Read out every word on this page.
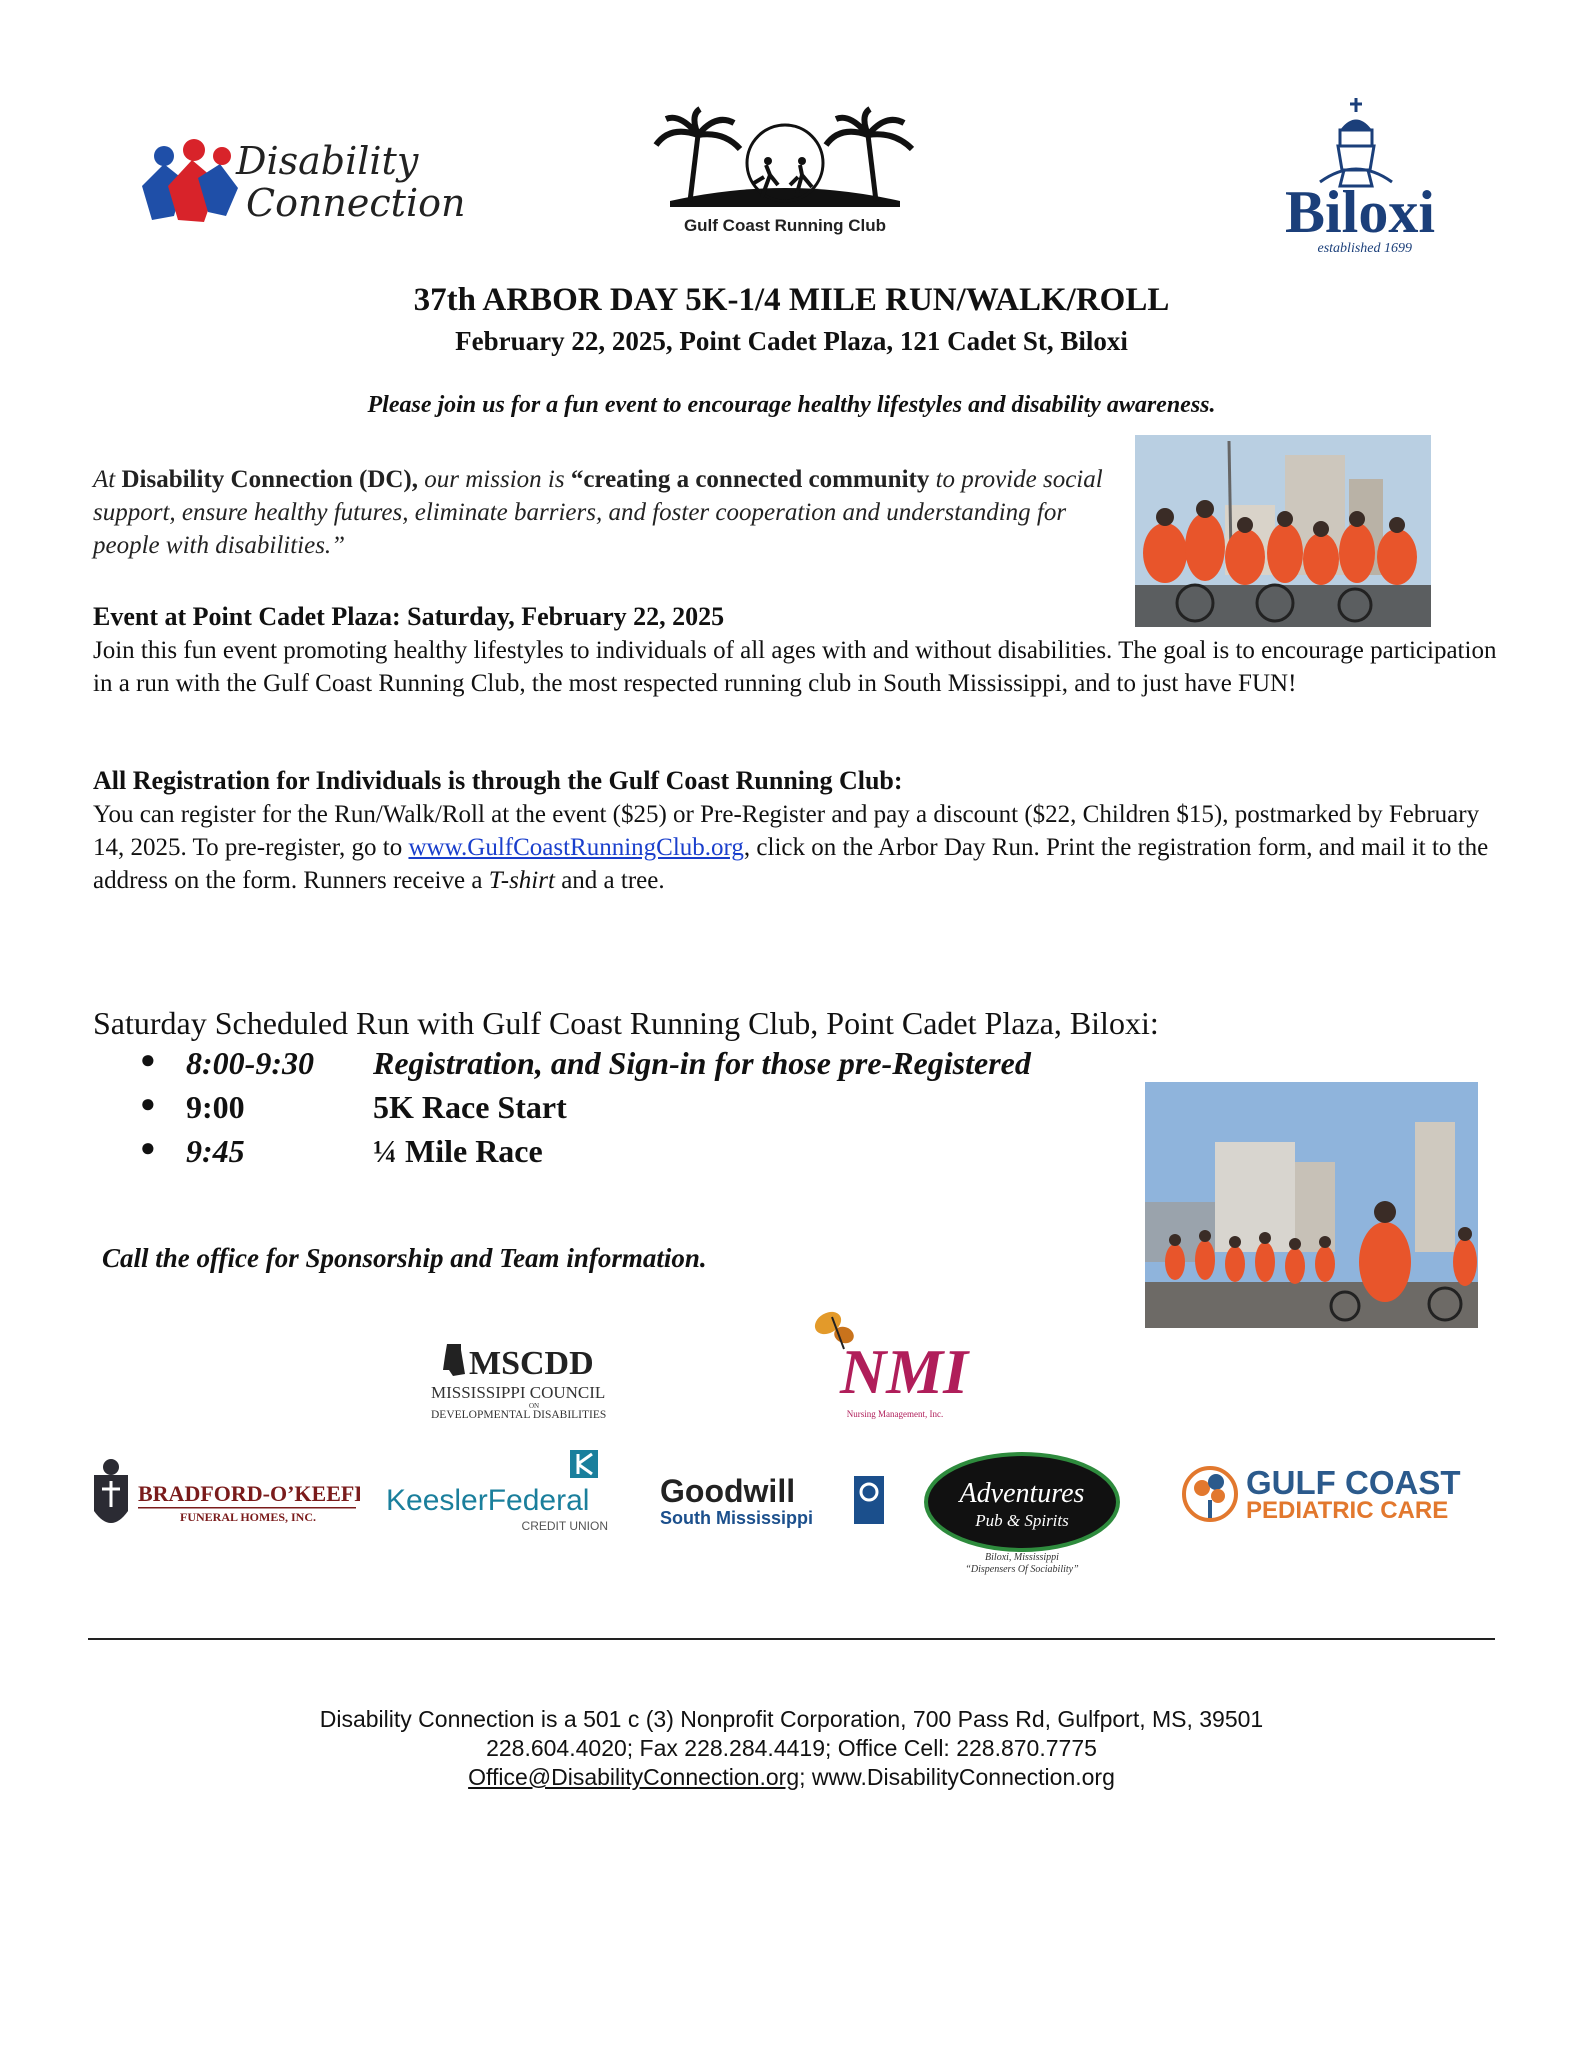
Disability
Connection
Gulf Coast Running Club	Biloxi
established 1699
37th ARBOR DAY 5K-1/4 MILE RUN/WALK/ROLL
February 22, 2025, Point Cadet Plaza, 121 Cadet St, Biloxi
Please join us for a fun event to encourage healthy lifestyles and disability awareness.
At Disability Connection (DC), our mission is “creating a connected community to provide social support, ensure healthy futures, eliminate barriers, and foster cooperation and understanding for people with disabilities.”
Event at Point Cadet Plaza: Saturday, February 22, 2025
Join this fun event promoting healthy lifestyles to individuals of all ages with and without disabilities. The goal is to encourage participation in a run with the Gulf Coast Running Club, the most respected running club in South Mississippi, and to just have FUN!
All Registration for Individuals is through the Gulf Coast Running Club:
You can register for the Run/Walk/Roll at the event ($25) or Pre-Register and pay a discount ($22, Children $15), postmarked by February 14, 2025. To pre-register, go to www.GulfCoastRunningClub.org, click on the Arbor Day Run. Print the registration form, and mail it to the address on the form. Runners receive a T-shirt and a tree.
Saturday Scheduled Run with Gulf Coast Running Club, Point Cadet Plaza, Biloxi:
● 8:00-9:30 Registration, and Sign-in for those pre-Registered
● 9:00	5K Race Start
● 9:45	¼ Mile Race
Call the office for Sponsorship and Team information.
MSCDD
MISSISSIPPI COUNCIL
ON
DEVELOPMENTAL DISABILITIES
NMI
Nursing Management, Inc.
BRADFORD-O’KEEFE
FUNERAL HOMES, INC. KeeslerFederal
CREDIT UNION
Goodwill
South Mississippi
Adventures
Pub & Spirits
Biloxi, Mississippi
“Dispensers Of Sociability”
GULF COAST
PEDIATRIC CARE
Disability Connection is a 501 c (3) Nonprofit Corporation, 700 Pass Rd, Gulfport, MS, 39501
228.604.4020; Fax 228.284.4419; Office Cell: 228.870.7775
Office@DisabilityConnection.org; www.DisabilityConnection.org
